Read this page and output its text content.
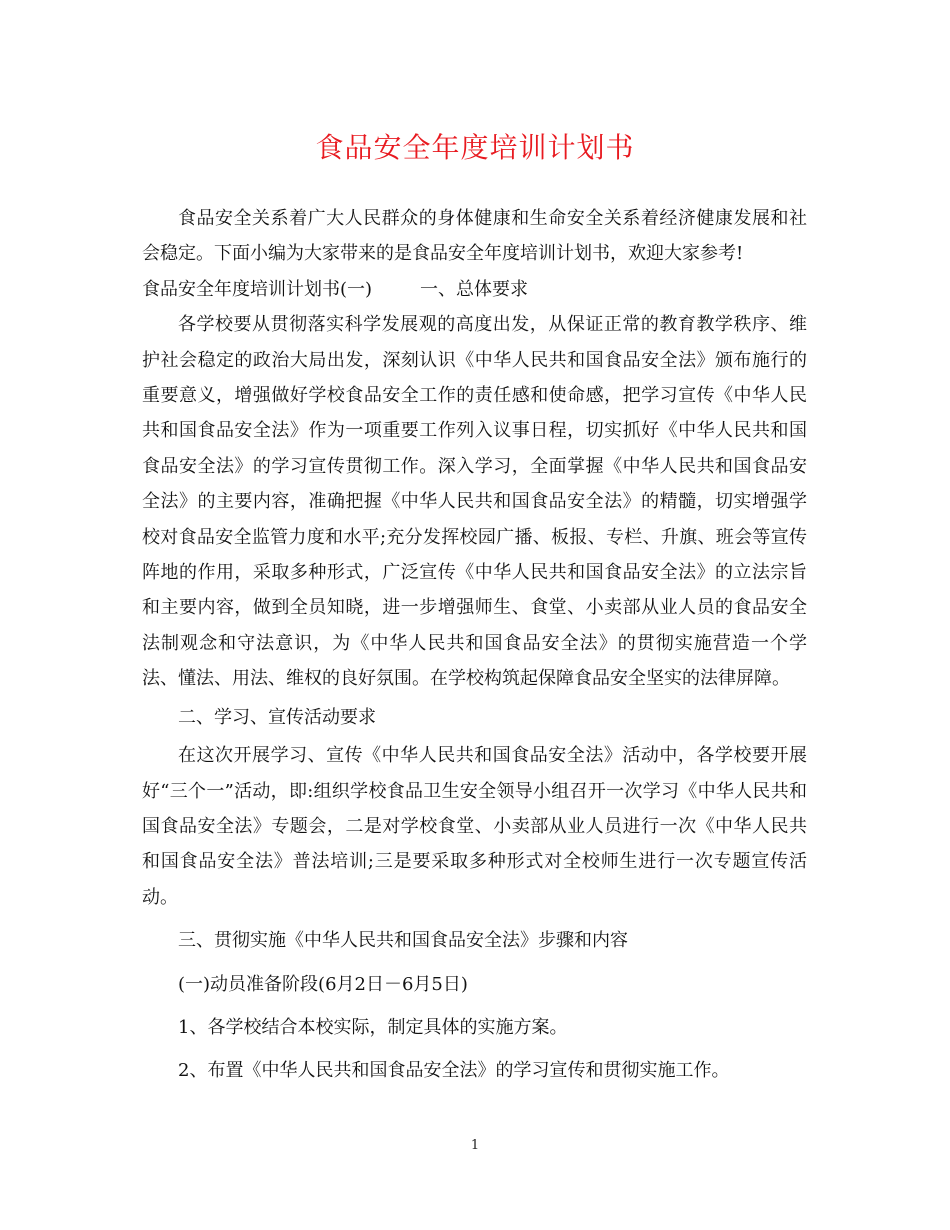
食品安全年度培训计划书

食品安全关系着广大人民群众的身体健康和生命安全关系着经济健康发展和社会稳定。下面小编为大家带来的是食品安全年度培训计划书，欢迎大家参考!

食品安全年度培训计划书(一)	一、总体要求

各学校要从贯彻落实科学发展观的高度出发，从保证正常的教育教学秩序、维护社会稳定的政治大局出发，深刻认识《中华人民共和国食品安全法》颁布施行的重要意义，增强做好学校食品安全工作的责任感和使命感，把学习宣传《中华人民共和国食品安全法》作为一项重要工作列入议事日程，切实抓好《中华人民共和国食品安全法》的学习宣传贯彻工作。深入学习，全面掌握《中华人民共和国食品安全法》的主要内容，准确把握《中华人民共和国食品安全法》的精髓，切实增强学校对食品安全监管力度和水平;充分发挥校园广播、板报、专栏、升旗、班会等宣传阵地的作用，采取多种形式，广泛宣传《中华人民共和国食品安全法》的立法宗旨和主要内容，做到全员知晓，进一步增强师生、食堂、小卖部从业人员的食品安全法制观念和守法意识，为《中华人民共和国食品安全法》的贯彻实施营造一个学法、懂法、用法、维权的良好氛围。在学校构筑起保障食品安全坚实的法律屏障。

二、学习、宣传活动要求

在这次开展学习、宣传《中华人民共和国食品安全法》活动中，各学校要开展好“三个一”活动，即:组织学校食品卫生安全领导小组召开一次学习《中华人民共和国食品安全法》专题会，二是对学校食堂、小卖部从业人员进行一次《中华人民共和国食品安全法》普法培训;三是要采取多种形式对全校师生进行一次专题宣传活动。

三、贯彻实施《中华人民共和国食品安全法》步骤和内容

(一)动员准备阶段(6月2日－6月5日)

1、各学校结合本校实际，制定具体的实施方案。

2、布置《中华人民共和国食品安全法》的学习宣传和贯彻实施工作。

1
